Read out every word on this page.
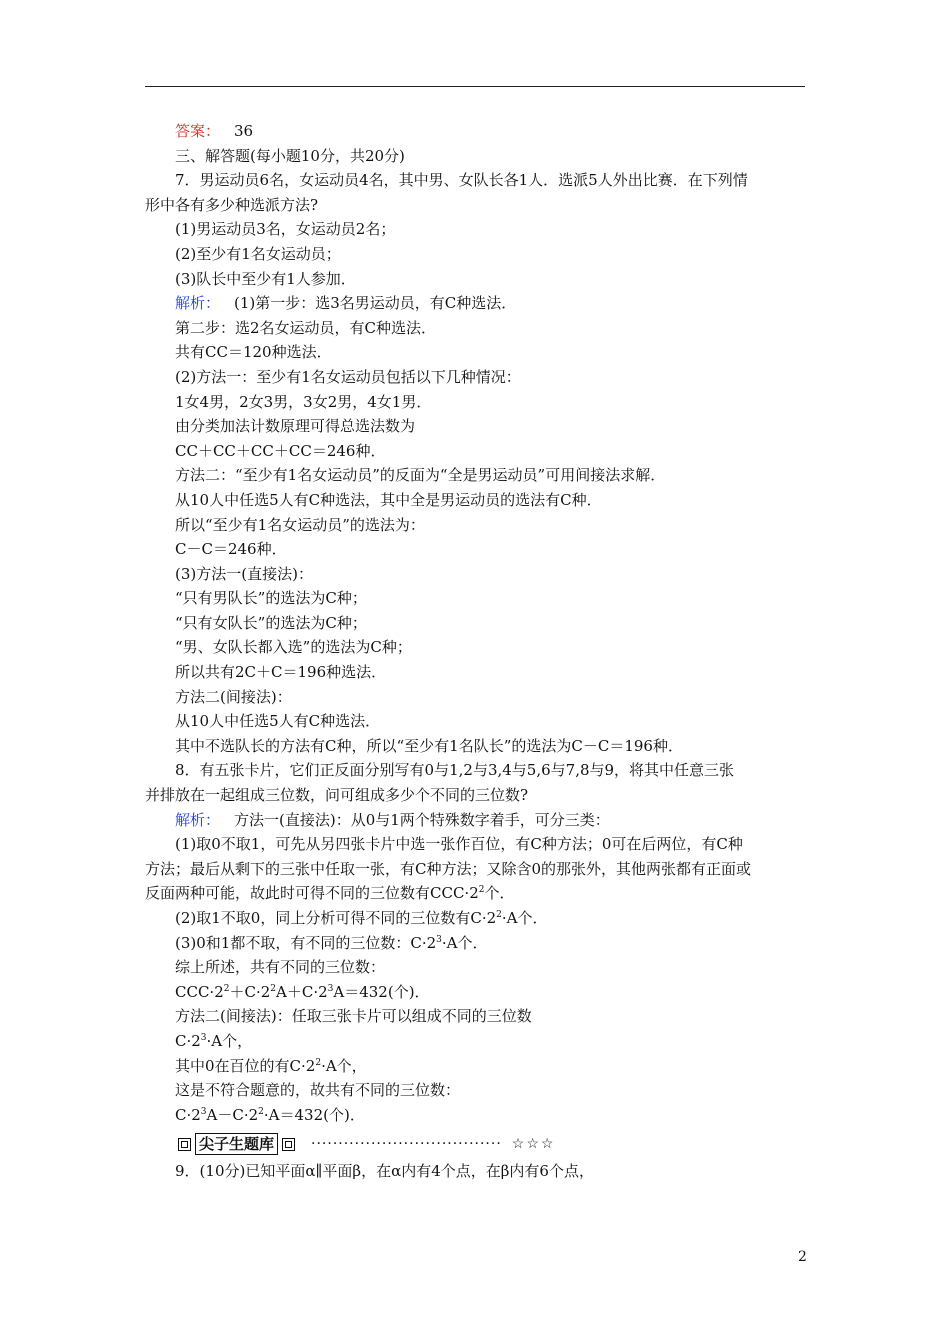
答案： 36

三、解答题(每小题10分，共20分)

7．男运动员6名，女运动员4名，其中男、女队长各1人．选派5人外出比赛．在下列情

形中各有多少种选派方法?

(1)男运动员3名，女运动员2名；

(2)至少有1名女运动员；

(3)队长中至少有1人参加．

解析： (1)第一步：选3名男运动员，有C种选法．

第二步：选2名女运动员，有C种选法．

共有CC＝120种选法．

(2)方法一：至少有1名女运动员包括以下几种情况：

1女4男，2女3男，3女2男，4女1男．

由分类加法计数原理可得总选法数为

CC＋CC＋CC＋CC＝246种．

方法二：“至少有1名女运动员”的反面为“全是男运动员”可用间接法求解．

从10人中任选5人有C种选法，其中全是男运动员的选法有C种．

所以“至少有1名女运动员”的选法为：

C－C＝246种．

(3)方法一(直接法)：

“只有男队长”的选法为C种；

“只有女队长”的选法为C种；

“男、女队长都入选”的选法为C种；

所以共有2C＋C＝196种选法．

方法二(间接法)：

从10人中任选5人有C种选法．

其中不选队长的方法有C种，所以“至少有1名队长”的选法为C－C＝196种．

8．有五张卡片，它们正反面分别写有0与1,2与3,4与5,6与7,8与9，将其中任意三张

并排放在一起组成三位数，问可组成多少个不同的三位数?

解析： 方法一(直接法)：从0与1两个特殊数字着手，可分三类：

(1)取0不取1，可先从另四张卡片中选一张作百位，有C种方法；0可在后两位，有C种

方法；最后从剩下的三张中任取一张，有C种方法；又除含0的那张外，其他两张都有正面或

反面两种可能，故此时可得不同的三位数有$CCC\cdot 2^2$个．

(2)取1不取0，同上分析可得不同的三位数有$C\cdot 2^2\cdot A$个．

(3)0和1都不取，有不同的三位数：$C\cdot 2^3\cdot A$个．

综上所述，共有不同的三位数：

$CCC\cdot 2^2+C\cdot 2^2A+C\cdot 2^3A=432$(个)．

方法二(间接法)：任取三张卡片可以组成不同的三位数

$C\cdot 2^3\cdot A$个，

其中0在百位的有$C\cdot 2^2\cdot A$个，

这是不符合题意的，故共有不同的三位数：

$C\cdot 2^3A-C\cdot 2^2\cdot A=432$(个)．

尖子生题库	··································· ☆☆☆

9．(10分)已知平面α∥平面β，在α内有4个点，在β内有6个点，

2
